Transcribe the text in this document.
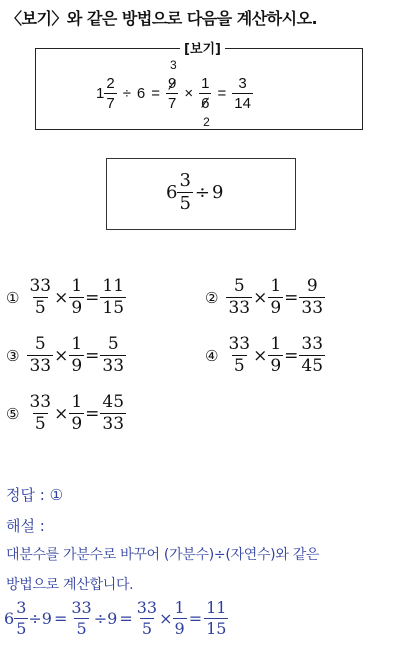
〈보기〉와 같은 방법으로 다음을 계산하시오.
[보기]
$1 \frac{2}{7} \div 6$ =
3
9
7
×
1
6
2
= $\frac{3}{14}$
$6 \frac{3}{5} \div 9$
① $\frac{33}{5} \times \frac{1}{9} = \frac{11}{15}$	② $\frac{5}{33} \times \frac{1}{9} = \frac{9}{33}$
③ $\frac{5}{33} \times \frac{1}{9} = \frac{5}{33}$	④ $\frac{33}{5} \times \frac{1}{9} = \frac{33}{45}$
⑤ $\frac{33}{5} \times \frac{1}{9} = \frac{45}{33}$
정답 : ①
해설 :
대분수를 가분수로 바꾸어 (가분수)÷(자연수)와 같은
방법으로 계산합니다.
$6 \frac{3}{5} \div 9 = \frac{33}{5} \div 9 = \frac{33}{5} \times \frac{1}{9} = \frac{11}{15}$
